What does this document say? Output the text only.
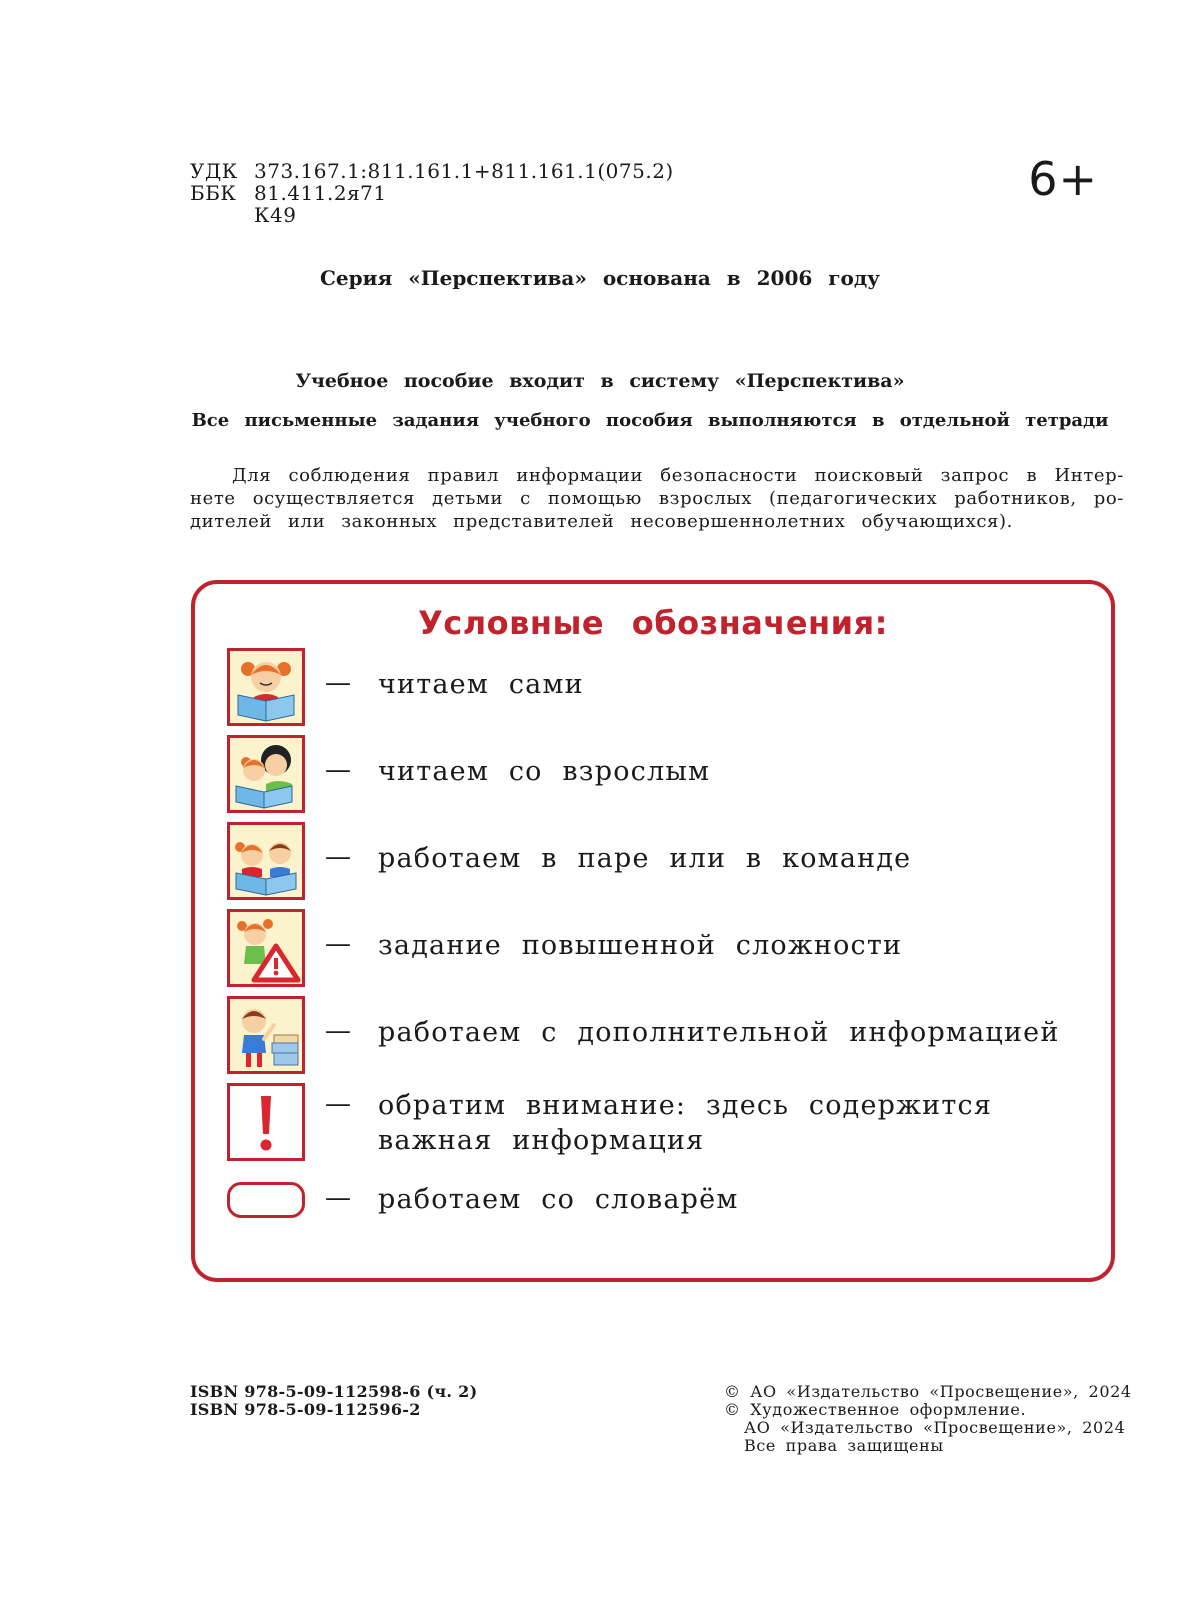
УДК 373.167.1:811.161.1+811.161.1(075.2)
ББК 81.411.2я71
К49
6+
Серия «Перспектива» основана в 2006 году
Учебное пособие входит в систему «Перспектива»
Все письменные задания учебного пособия выполняются в отдельной тетради
Для соблюдения правил информации безопасности поисковый запрос в Интер-
нете осуществляется детьми с помощью взрослых (педагогических работников, ро-
дителей или законных представителей несовершеннолетних обучающихся).
Условные обозначения:
— читаем сами
— читаем со взрослым
— работаем в паре или в команде
— задание повышенной сложности
— работаем с дополнительной информацией
— обратим внимание: здесь содержится
важная информация
— работаем со словарём
ISBN 978-5-09-112598-6 (ч. 2)
ISBN 978-5-09-112596-2
© АО «Издательство «Просвещение», 2024
© Художественное оформление.
АО «Издательство «Просвещение», 2024
Все права защищены
